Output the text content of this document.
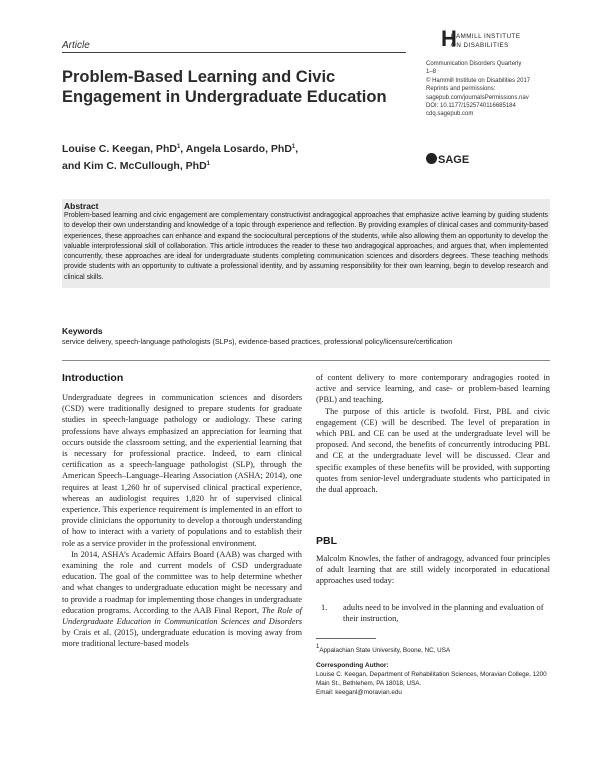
Article	H
HAMMILL INSTITUTE
ON DISABILITIES
Communication Disorders Quarterly
1–8
© Hammill Institute on Disabilities 2017
Reprints and permissions:
sagepub.com/journalsPermissions.nav
DOI: 10.1177/1525740116685184
cdq.sagepub.com
SAGE
Problem-Based Learning and Civic Engagement in Undergraduate Education
Louise C. Keegan, PhD$^1$, Angela Losardo, PhD$^1$,
and Kim C. McCullough, PhD$^1$
Abstract
Problem-based learning and civic engagement are complementary constructivist andragogical approaches that emphasize active learning by guiding students to develop their own understanding and knowledge of a topic through experience and reflection. By providing examples of clinical cases and community-based experiences, these approaches can enhance and expand the sociocultural perceptions of the students, while also allowing them an opportunity to develop the valuable interprofessional skill of collaboration. This article introduces the reader to these two andragogical approaches, and argues that, when implemented concurrently, these approaches are ideal for undergraduate students completing communication sciences and disorders degrees. These teaching methods provide students with an opportunity to cultivate a professional identity, and by assuming responsibility for their own learning, begin to develop research and clinical skills.
Keywords
service delivery, speech-language pathologists (SLPs), evidence-based practices, professional policy/licensure/certification
Introduction

Undergraduate degrees in communication sciences and disorders (CSD) were traditionally designed to prepare students for graduate studies in speech-language pathology or audiology. These caring professions have always emphasized an appreciation for learning that occurs outside the classroom setting, and the experiential learning that is necessary for professional practice. Indeed, to earn clinical certification as a speech-language pathologist (SLP), through the American Speech–Language–Hearing Association (ASHA; 2014), one requires at least 1,260 hr of supervised clinical practical experience, whereas an audiologist requires 1,820 hr of supervised clinical experience. This experience requirement is implemented in an effort to provide clinicians the opportunity to develop a thorough understanding of how to interact with a variety of populations and to establish their role as a service provider in the professional environment.

In 2014, ASHA’s Academic Affairs Board (AAB) was charged with examining the role and current models of CSD undergraduate education. The goal of the committee was to help determine whether and what changes to undergraduate education might be necessary and to provide a roadmap for implementing those changes in undergraduate education programs. According to the AAB Final Report, The Role of Undergraduate Education in Communication Sciences and Disorders by Crais et al. (2015), undergraduate education is moving away from more traditional lecture-based models

of content delivery to more contemporary andragogies rooted in active and service learning, and case- or problem-based learning (PBL) and teaching.

The purpose of this article is twofold. First, PBL and civic engagement (CE) will be described. The level of preparation in which PBL and CE can be used at the undergraduate level will be proposed. And second, the benefits of concurrently introducing PBL and CE at the undergraduate level will be discussed. Clear and specific examples of these benefits will be provided, with supporting quotes from senior-level undergraduate students who participated in the dual approach.

PBL
Malcolm Knowles, the father of andragogy, advanced four principles of adult learning that are still widely incorporated in educational approaches used today:
1. adults need to be involved in the planning and evaluation of their instruction,
$^1$Appalachian State University, Boone, NC, USA
Corresponding Author:
Louise C. Keegan, Department of Rehabilitation Sciences, Moravian College, 1200 Main St., Bethlehem, PA 18018, USA.
Email: keeganl@moravian.edu
